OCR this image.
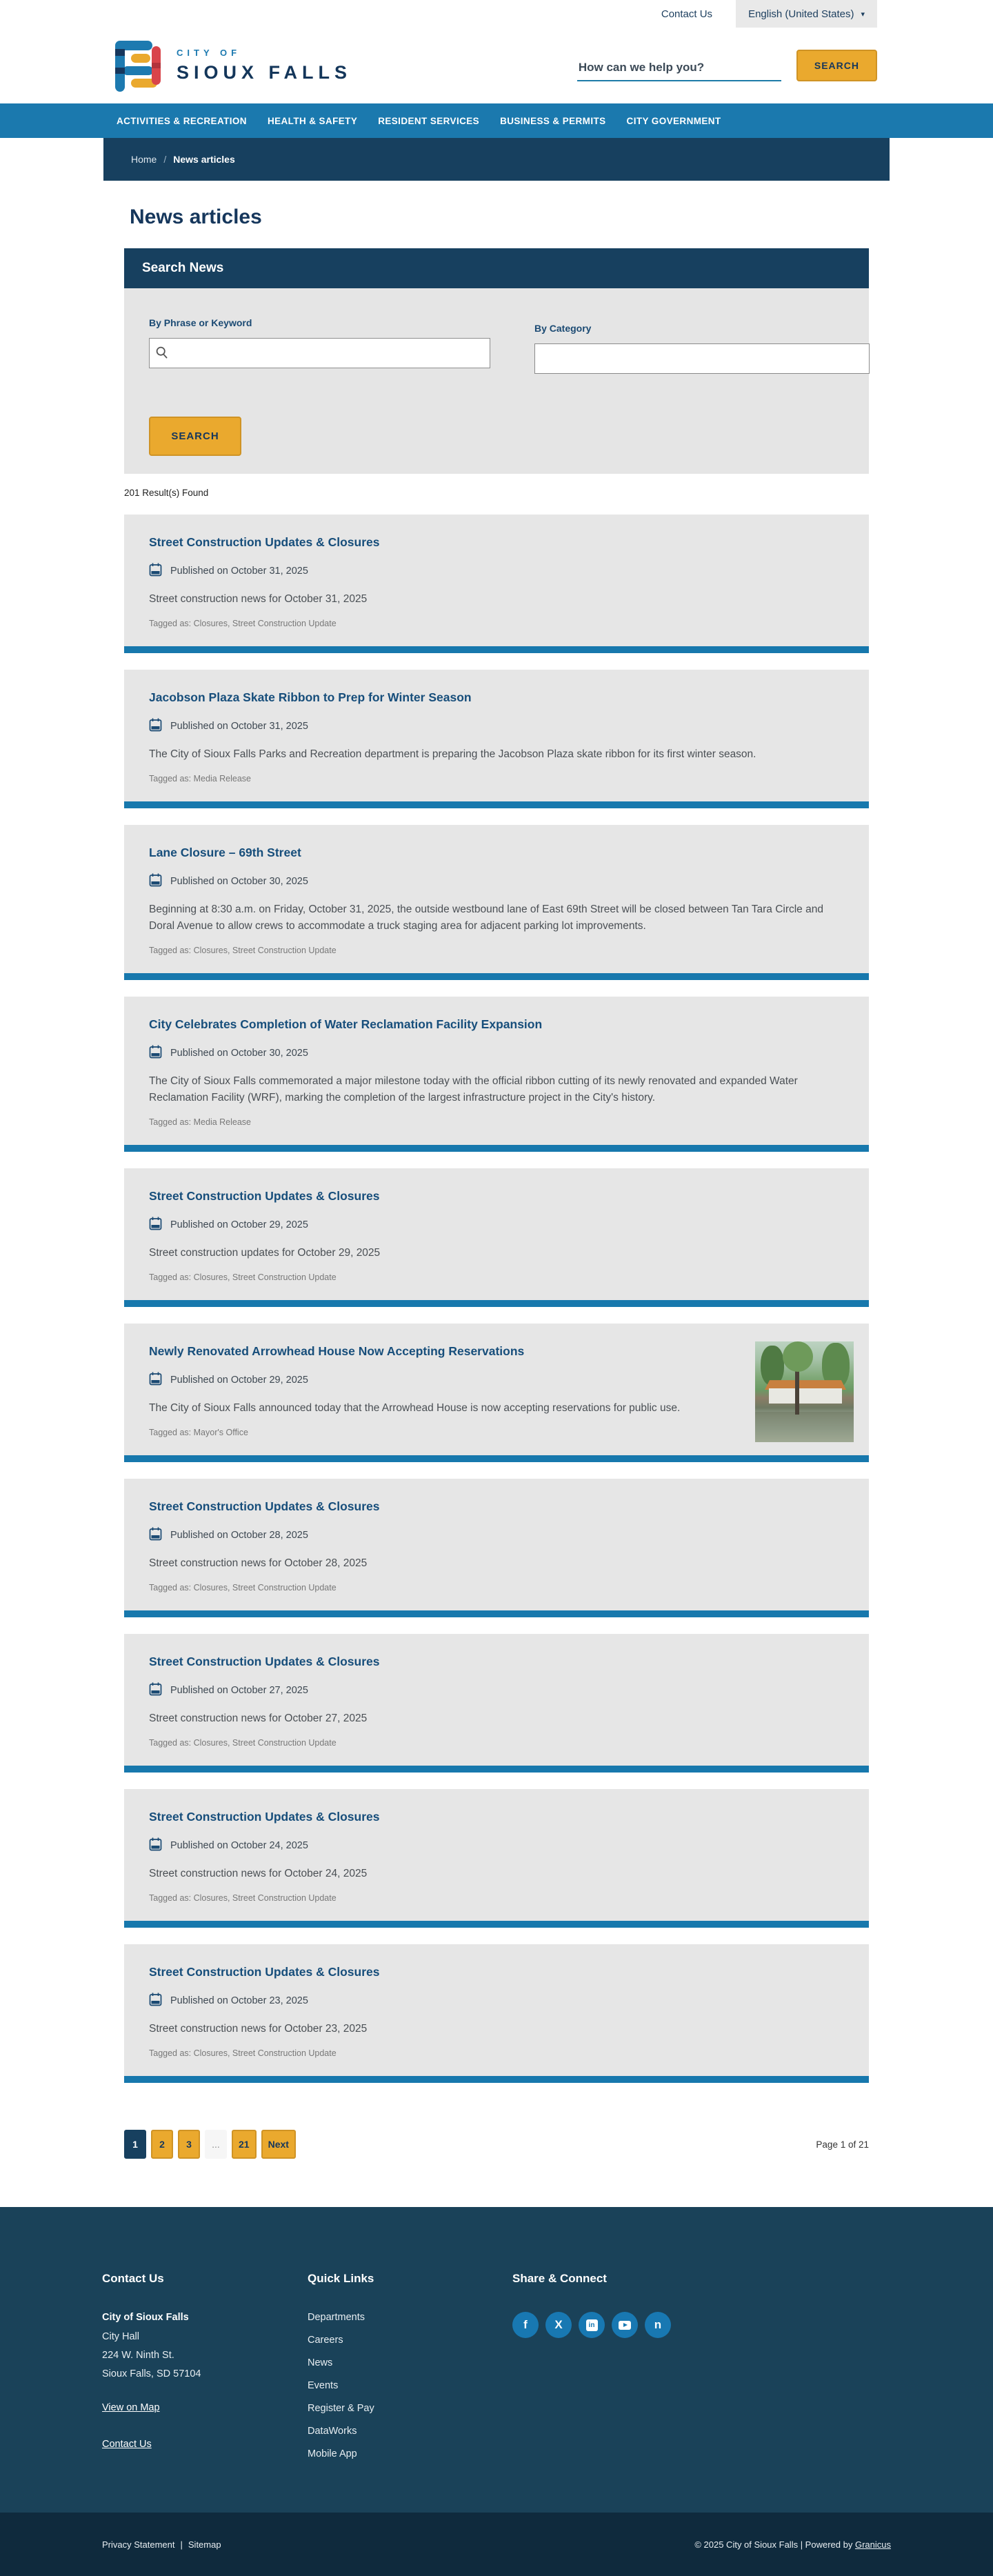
Contact Us	English (United States) ▾
CITY OF
SIOUX FALLS
How can we help you?	SEARCH
ACTIVITIES & RECREATION HEALTH & SAFETY RESIDENT SERVICES BUSINESS & PERMITS CITY GOVERNMENT
Home / News articles
News articles
Search News
By Phrase or Keyword	By Category
SEARCH
201 Result(s) Found
Street Construction Updates & Closures
Published on October 31, 2025

Street construction news for October 31, 2025

Tagged as: Closures, Street Construction Update
Jacobson Plaza Skate Ribbon to Prep for Winter Season
Published on October 31, 2025

The City of Sioux Falls Parks and Recreation department is preparing the Jacobson Plaza skate ribbon for its first winter season.

Tagged as: Media Release
Lane Closure – 69th Street
Published on October 30, 2025

Beginning at 8:30 a.m. on Friday, October 31, 2025, the outside westbound lane of East 69th Street will be closed between Tan Tara Circle and Doral Avenue to allow crews to accommodate a truck staging area for adjacent parking lot improvements.

Tagged as: Closures, Street Construction Update
City Celebrates Completion of Water Reclamation Facility Expansion
Published on October 30, 2025

The City of Sioux Falls commemorated a major milestone today with the official ribbon cutting of its newly renovated and expanded Water Reclamation Facility (WRF), marking the completion of the largest infrastructure project in the City's history.

Tagged as: Media Release
Street Construction Updates & Closures
Published on October 29, 2025

Street construction updates for October 29, 2025

Tagged as: Closures, Street Construction Update
Newly Renovated Arrowhead House Now Accepting Reservations
Published on October 29, 2025

The City of Sioux Falls announced today that the Arrowhead House is now accepting reservations for public use.

Tagged as: Mayor's Office
Street Construction Updates & Closures
Published on October 28, 2025

Street construction news for October 28, 2025

Tagged as: Closures, Street Construction Update
Street Construction Updates & Closures
Published on October 27, 2025

Street construction news for October 27, 2025

Tagged as: Closures, Street Construction Update
Street Construction Updates & Closures
Published on October 24, 2025

Street construction news for October 24, 2025

Tagged as: Closures, Street Construction Update
Street Construction Updates & Closures
Published on October 23, 2025

Street construction news for October 23, 2025

Tagged as: Closures, Street Construction Update
1	2	3	...	21	Next	Page 1 of 21
Contact Us
City of Sioux Falls
City Hall
224 W. Ninth St.
Sioux Falls, SD 57104
View on Map
Contact Us
Quick Links
Departments
Careers
News
Events
Register & Pay
DataWorks
Mobile App
Share & Connect
f	X	in	n
Privacy Statement | Sitemap	© 2025 City of Sioux Falls | Powered by Granicus
